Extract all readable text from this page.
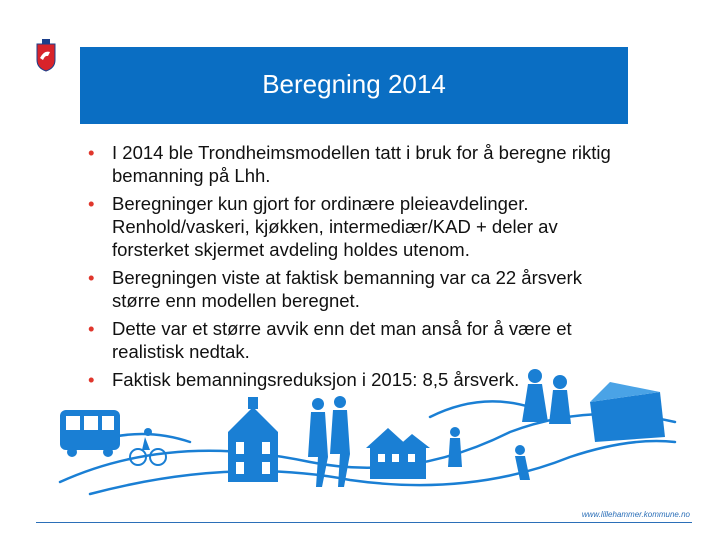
Beregning 2014
• I 2014 ble Trondheimsmodellen tatt i bruk for å beregne riktig bemanning på Lhh.
• Beregninger kun gjort for ordinære pleieavdelinger. Renhold/vaskeri, kjøkken, intermediær/KAD + deler av forsterket skjermet avdeling holdes utenom.
• Beregningen viste at faktisk bemanning var ca 22 årsverk større enn modellen beregnet.
• Dette var et større avvik enn det man anså for å være et realistisk nedtak.
• Faktisk bemanningsreduksjon i 2015: 8,5 årsverk.
www.lillehammer.kommune.no
